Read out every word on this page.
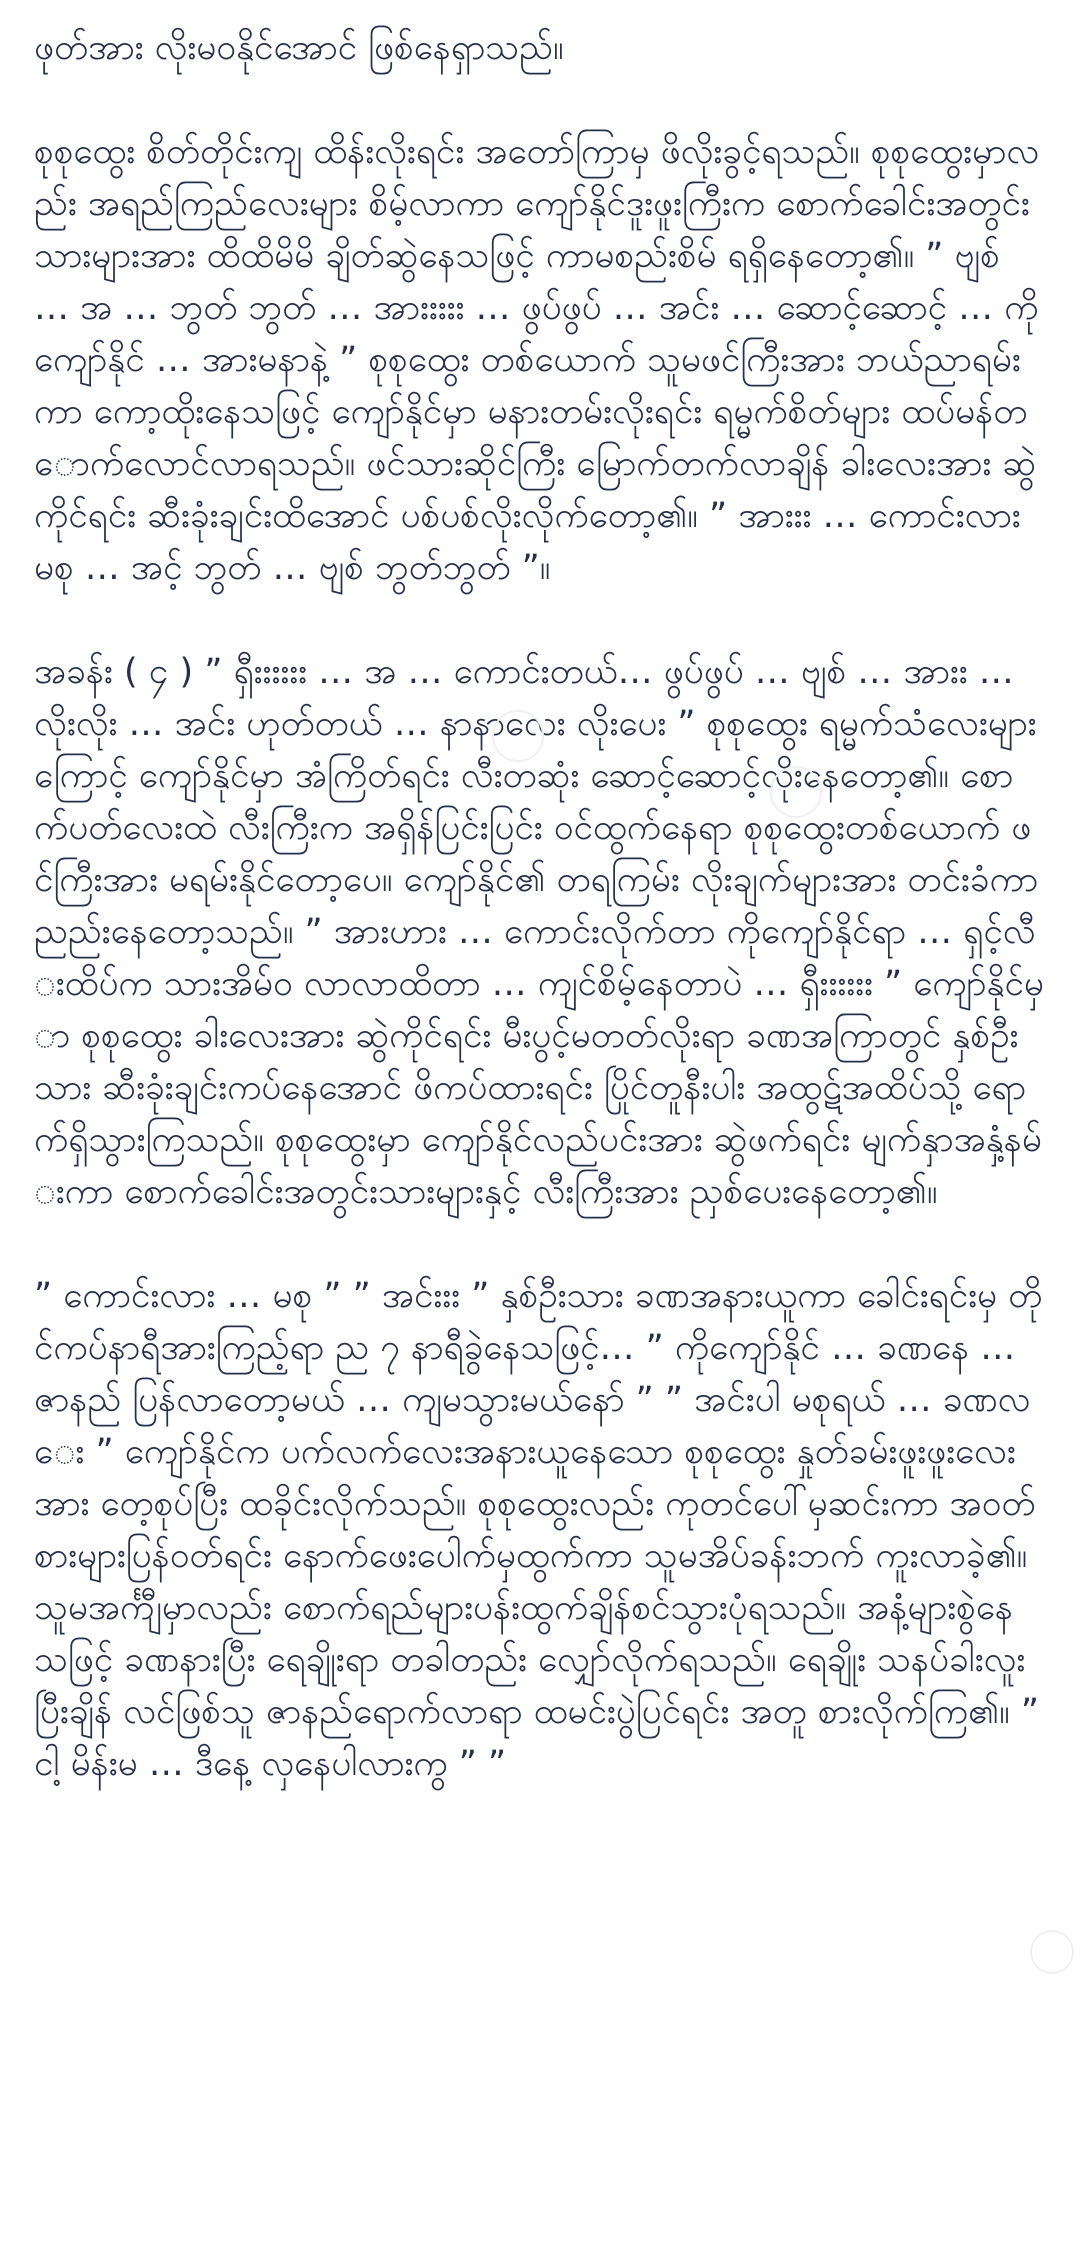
ဖုတ်အား လိုးမဝနိုင်အောင် ဖြစ်နေရှာသည်။

စုစုထွေး စိတ်တိုင်းကျ ထိန်းလိုးရင်း အတော်ကြာမှ ဖိလိုးခွင့်ရသည်။ စုစုထွေးမှာလည်း အရည်ကြည်လေးများ စိမ့်လာကာ ကျော်နိုင်ဒူးဖူးကြီးက စောက်ခေါင်းအတွင်းသားများအား ထိထိမိမိ ချိတ်ဆွဲနေသဖြင့် ကာမစည်းစိမ် ရရှိနေတော့၏။ ” ဗျစ် … အ … ဘွတ် ဘွတ် … အားးးးး … ဖွပ်ဖွပ် … အင်း … ဆောင့်ဆောင့် … ကိုကျော်နိုင် … အားမနာနဲ့ ” စုစုထွေး တစ်ယောက် သူမဖင်ကြီးအား ဘယ်ညာရမ်းကာ ကော့ထိုးနေသဖြင့် ကျော်နိုင်မှာ မနားတမ်းလိုးရင်း ရမ္မက်စိတ်များ ထပ်မန်တောက်လောင်လာရသည်။ ဖင်သားဆိုင်ကြီး မြောက်တက်လာချိန် ခါးလေးအား ဆွဲကိုင်ရင်း ဆီးခုံးချင်းထိအောင် ပစ်ပစ်လိုးလိုက်တော့၏။ ” အားးး … ကောင်းလား မစု … အင့် ဘွတ် … ဗျစ် ဘွတ်ဘွတ် ”။

အခန်း ( ၄ ) ” ရှီးးးးးး … အ … ကောင်းတယ်… ဖွပ်ဖွပ် … ဗျစ် … အားး … လိုးလိုး … အင်း ဟုတ်တယ် … နာနာလေး လိုးပေး ” စုစုထွေး ရမ္မက်သံလေးများကြောင့် ကျော်နိုင်မှာ အံကြိတ်ရင်း လီးတဆုံး ဆောင့်ဆောင့်လိုးနေတော့၏။ စောက်ပတ်လေးထဲ လီးကြီးက အရှိန်ပြင်းပြင်း ဝင်ထွက်နေရာ စုစုထွေးတစ်ယောက် ဖင်ကြီးအား မရမ်းနိုင်တော့ပေ။ ကျော်နိုင်၏ တရကြမ်း လိုးချက်များအား တင်းခံကာ ညည်းနေတော့သည်။ ” အားဟား … ကောင်းလိုက်တာ ကိုကျော်နိုင်ရာ … ရှင့်လီးထိပ်က သားအိမ်ဝ လာလာထိတာ … ကျင်စိမ့်နေတာပဲ … ရှီးးးးးး ” ကျော်နိုင်မှာ စုစုထွေး ခါးလေးအား ဆွဲကိုင်ရင်း မီးပွင့်မတတ်လိုးရာ ခဏအကြာတွင် နှစ်ဦးသား ဆီးခုံးချင်းကပ်နေအောင် ဖိကပ်ထားရင်း ပြိုင်တူနီးပါး အထွဋ်အထိပ်သို့ ရောက်ရှိသွားကြသည်။ စုစုထွေးမှာ ကျော်နိုင်လည်ပင်းအား ဆွဲဖက်ရင်း မျက်နှာအနှံ့နမ်းကာ စောက်ခေါင်းအတွင်းသားများနှင့် လီးကြီးအား ညှစ်ပေးနေတော့၏။

” ကောင်းလား … မစု ” ” အင်းးး ” နှစ်ဦးသား ခဏအနားယူကာ ခေါင်းရင်းမှ တိုင်ကပ်နာရီအားကြည့်ရာ ည ၇ နာရီခွဲနေသဖြင့်… ” ကိုကျော်နိုင် … ခဏနေ … ဇာနည် ပြန်လာတော့မယ် … ကျမသွားမယ်နော် ” ” အင်းပါ မစုရယ် … ခဏလေး ” ကျော်နိုင်က ပက်လက်လေးအနားယူနေသော စုစုထွေး နှုတ်ခမ်းဖူးဖူးလေးအား တေ့စုပ်ပြီး ထခိုင်းလိုက်သည်။ စုစုထွေးလည်း ကုတင်ပေါ်မှဆင်းကာ အဝတ်စားများပြန်ဝတ်ရင်း နောက်ဖေးပေါက်မှထွက်ကာ သူမအိပ်ခန်းဘက် ကူးလာခဲ့၏။ သူမအင်္ကျီမှာလည်း စောက်ရည်များပန်းထွက်ချိန်စင်သွားပုံရသည်။ အနံ့များစွဲနေသဖြင့် ခဏနားပြီး ရေချိုးရာ တခါတည်း လျှော်လိုက်ရသည်။ ရေချိုး သနပ်ခါးလူးပြီးချိန် လင်ဖြစ်သူ ဇာနည်ရောက်လာရာ ထမင်းပွဲပြင်ရင်း အတူ စားလိုက်ကြ၏။ ” ငါ့ မိန်းမ … ဒီနေ့ လှနေပါလားကွ ” ”
